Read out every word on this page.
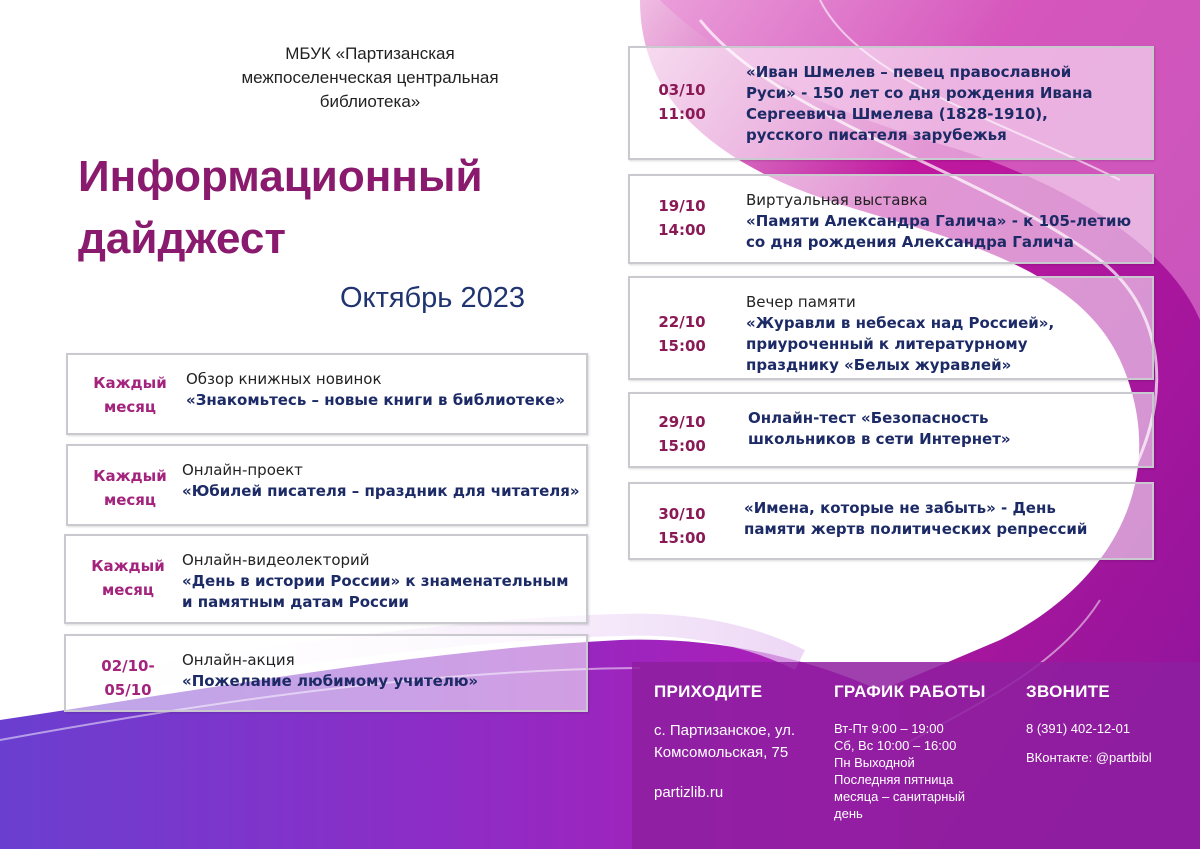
МБУК «Партизанская
межпоселенческая центральная
библиотека»
Информационный
дайджест
Октябрь 2023
Каждый
месяц
Обзор книжных новинок
«Знакомьтесь – новые книги в библиотеке»
Каждый
месяц
Онлайн-проект
«Юбилей писателя – праздник для читателя»
Каждый
месяц
Онлайн-видеолекторий
«День в истории России» к знаменательным
и памятным датам России
02/10-
05/10
Онлайн-акция
«Пожелание любимому учителю»
03/10
11:00
«Иван Шмелев – певец православной
Руси» - 150 лет со дня рождения Ивана
Сергеевича Шмелева (1828-1910),
русского писателя зарубежья
19/10
14:00
Виртуальная выставка
«Памяти Александра Галича» - к 105-летию
со дня рождения Александра Галича
22/10
15:00
Вечер памяти
«Журавли в небесах над Россией»,
приуроченный к литературному
празднику «Белых журавлей»
29/10
15:00
Онлайн-тест «Безопасность
школьников в сети Интернет»
30/10
15:00
«Имена, которые не забыть» - День
памяти жертв политических репрессий
ПРИХОДИТЕ
с. Партизанское, ул.
Комсомольская, 75
partizlib.ru
ГРАФИК РАБОТЫ
Вт-Пт 9:00 – 19:00
Сб, Вс 10:00 – 16:00
Пн Выходной
Последняя пятница
месяца – санитарный
день
ЗВОНИТЕ
8 (391) 402-12-01
ВКонтакте: @partbibl
